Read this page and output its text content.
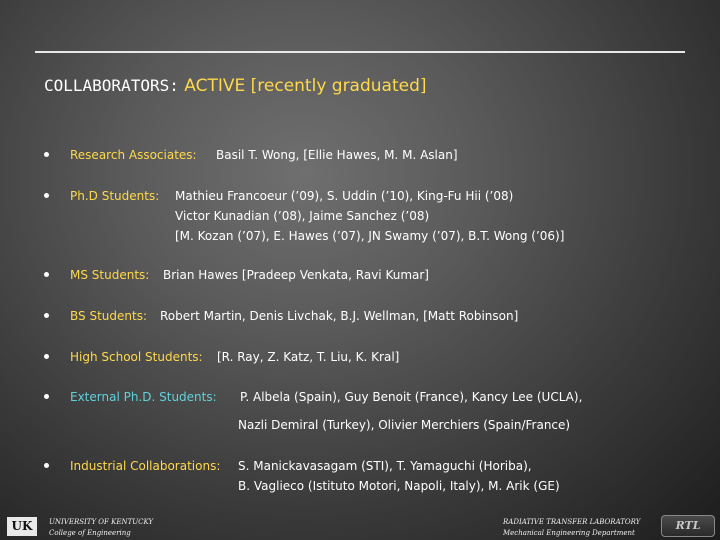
COLLABORATORS: ACTIVE [recently graduated]
Research Associates: Basil T. Wong, [Ellie Hawes, M. M. Aslan]
Ph.D Students: Mathieu Francoeur (’09), S. Uddin (’10), King-Fu Hii (’08)
Victor Kunadian (’08), Jaime Sanchez (’08)
[M. Kozan (’07), E. Hawes (’07), JN Swamy (’07), B.T. Wong (’06)]
MS Students: Brian Hawes [Pradeep Venkata, Ravi Kumar]
BS Students: Robert Martin, Denis Livchak, B.J. Wellman, [Matt Robinson]
High School Students: [R. Ray, Z. Katz, T. Liu, K. Kral]
External Ph.D. Students: P. Albela (Spain), Guy Benoit (France), Kancy Lee (UCLA),
Nazli Demiral (Turkey), Olivier Merchiers (Spain/France)
Industrial Collaborations: S. Manickavasagam (STI), T. Yamaguchi (Horiba),
B. Vaglieco (Istituto Motori, Napoli, Italy), M. Arik (GE)
UK	UNIVERSITY OF KENTUCKY
College of Engineering
RADIATIVE TRANSFER LABORATORY
Mechanical Engineering Department
RTL
